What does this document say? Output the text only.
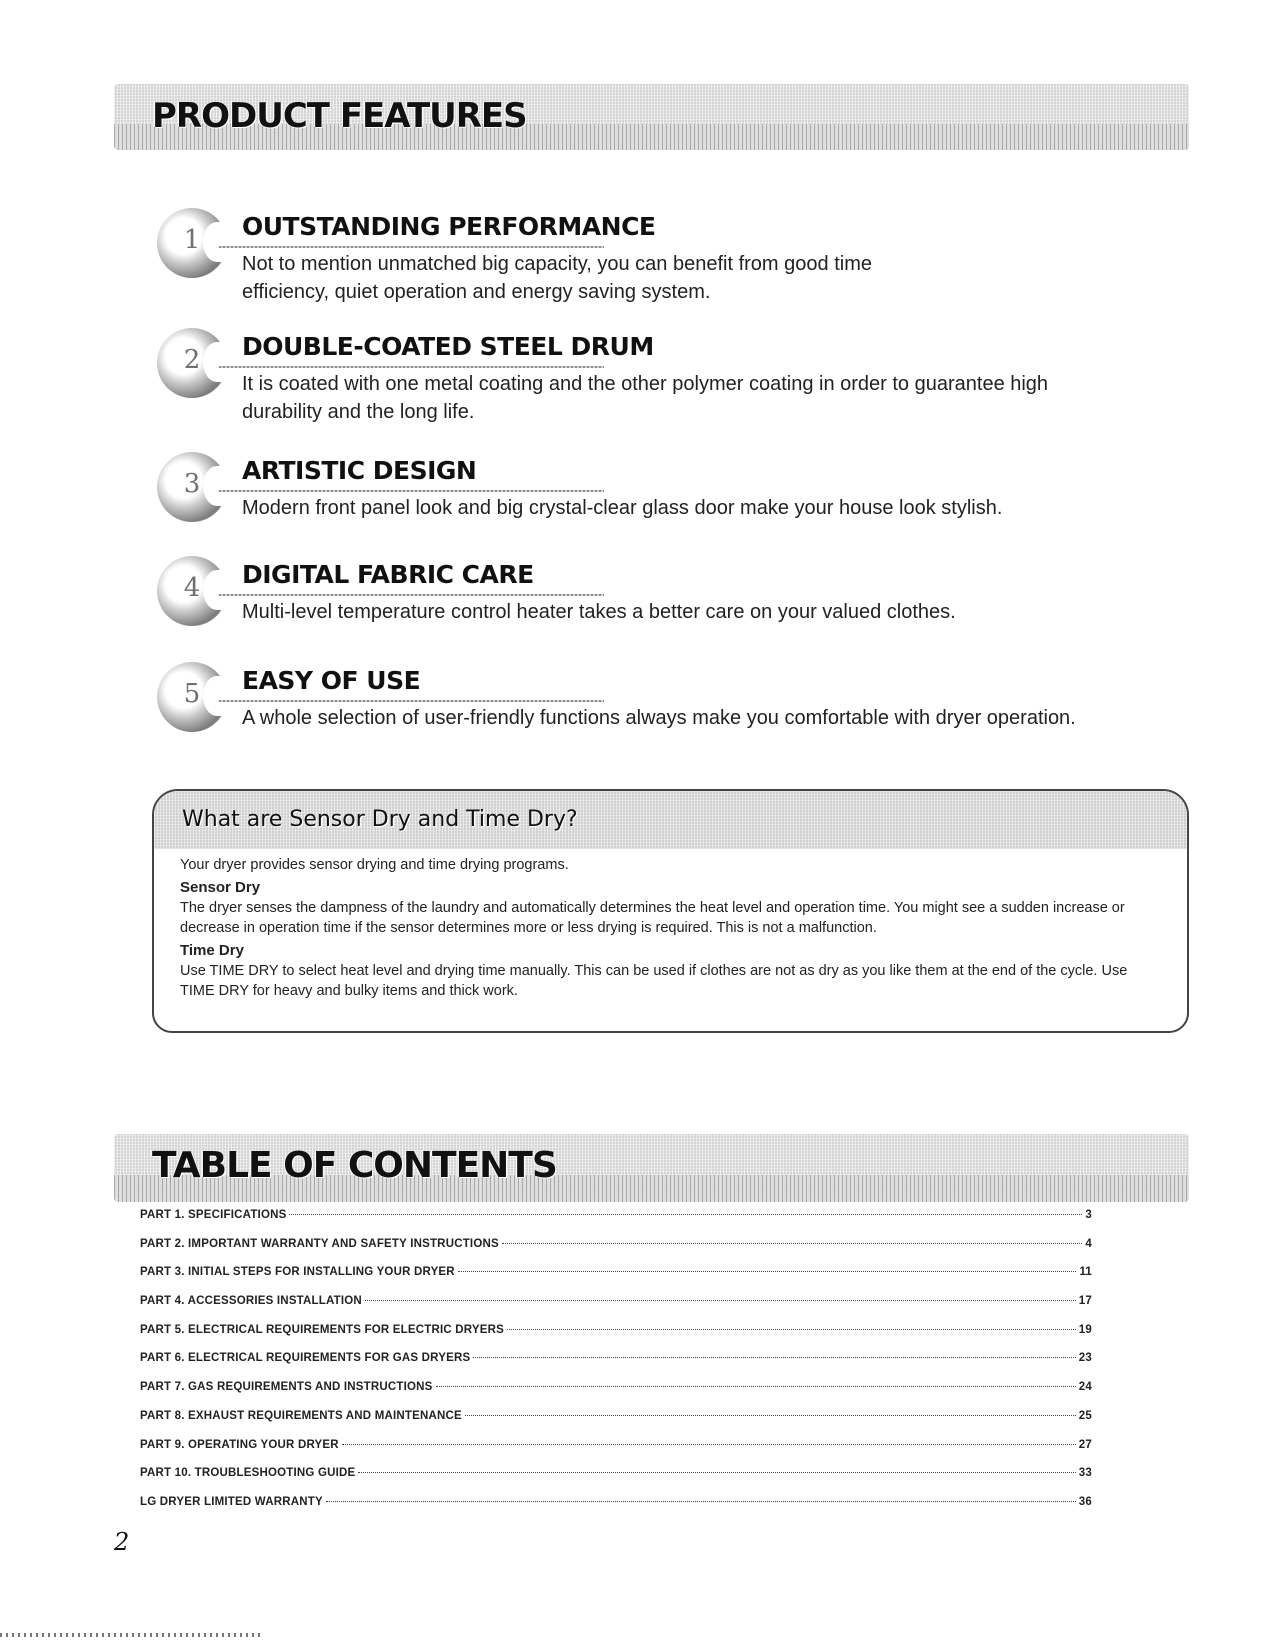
PRODUCT FEATURES
1	OUTSTANDING PERFORMANCE
Not to mention unmatched big capacity, you can benefit from good time efficiency, quiet operation and energy saving system.
2	DOUBLE-COATED STEEL DRUM
It is coated with one metal coating and the other polymer coating in order to guarantee high durability and the long life.
3	ARTISTIC DESIGN
Modern front panel look and big crystal-clear glass door make your house look stylish.
4	DIGITAL FABRIC CARE
Multi-level temperature control heater takes a better care on your valued clothes.
5	EASY OF USE
A whole selection of user-friendly functions always make you comfortable with dryer operation.
What are Sensor Dry and Time Dry?

Your dryer provides sensor drying and time drying programs.

Sensor Dry

The dryer senses the dampness of the laundry and automatically determines the heat level and operation time. You might see a sudden increase or decrease in operation time if the sensor determines more or less drying is required. This is not a malfunction.

Time Dry

Use TIME DRY to select heat level and drying time manually. This can be used if clothes are not as dry as you like them at the end of the cycle. Use TIME DRY for heavy and bulky items and thick work.

TABLE OF CONTENTS
PART 1. SPECIFICATIONS	3
PART 2. IMPORTANT WARRANTY AND SAFETY INSTRUCTIONS	4
PART 3. INITIAL STEPS FOR INSTALLING YOUR DRYER	11
PART 4. ACCESSORIES INSTALLATION	17
PART 5. ELECTRICAL REQUIREMENTS FOR ELECTRIC DRYERS	19
PART 6. ELECTRICAL REQUIREMENTS FOR GAS DRYERS	23
PART 7. GAS REQUIREMENTS AND INSTRUCTIONS	24
PART 8. EXHAUST REQUIREMENTS AND MAINTENANCE	25
PART 9. OPERATING YOUR DRYER	27
PART 10. TROUBLESHOOTING GUIDE	33
LG DRYER LIMITED WARRANTY	36
2
